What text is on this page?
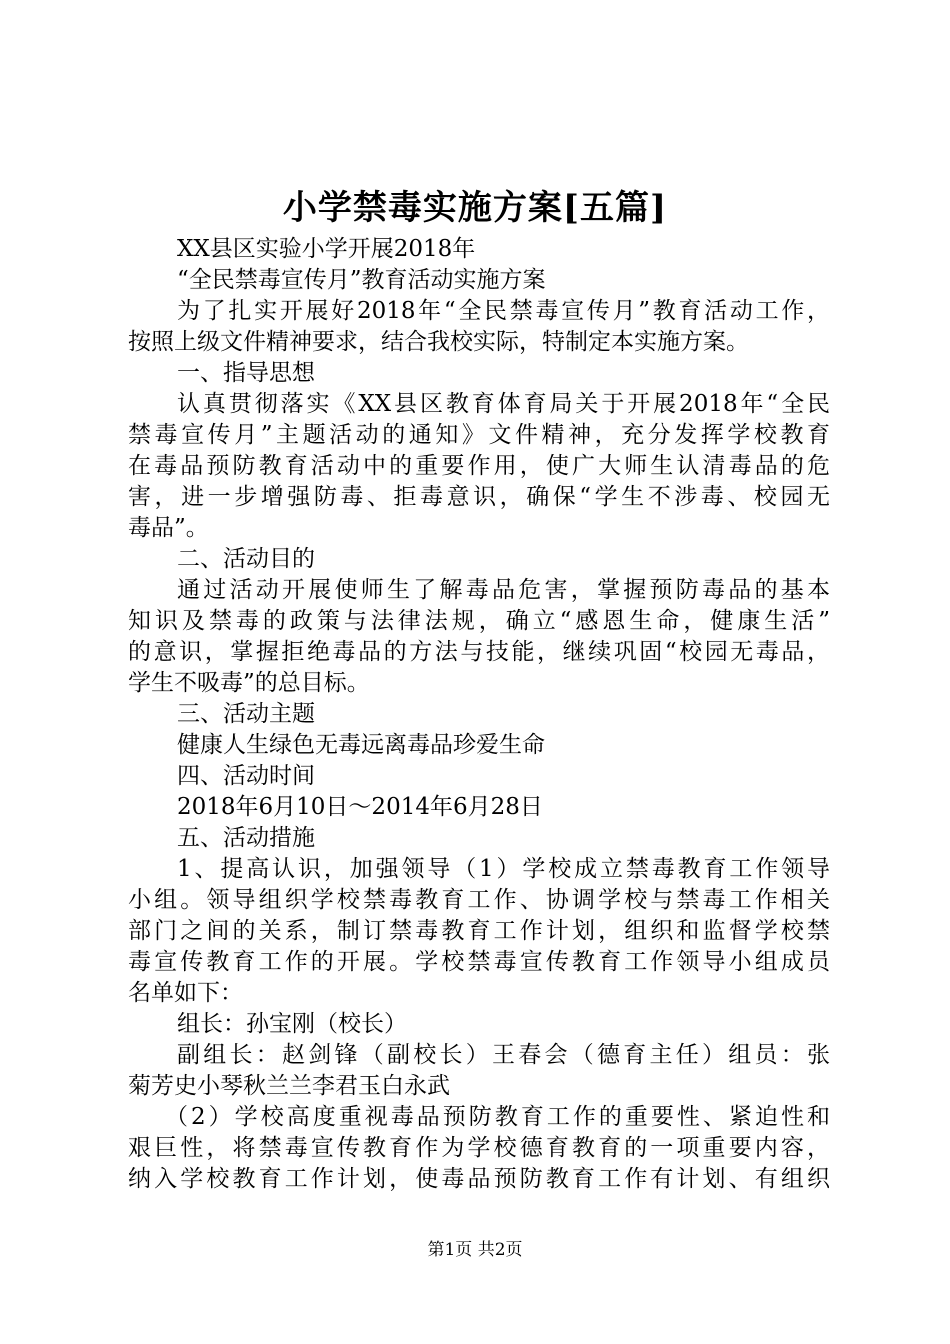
小学禁毒实施方案[五篇]
XX县区实验小学开展2018年
“全民禁毒宣传月”教育活动实施方案
为了扎实开展好2018年“全民禁毒宣传月”教育活动工作，
按照上级文件精神要求，结合我校实际，特制定本实施方案。
一、指导思想
认真贯彻落实《XX县区教育体育局关于开展2018年“全民
禁毒宣传月”主题活动的通知》文件精神，充分发挥学校教育
在毒品预防教育活动中的重要作用，使广大师生认清毒品的危
害，进一步增强防毒、拒毒意识，确保“学生不涉毒、校园无
毒品”。
二、活动目的
通过活动开展使师生了解毒品危害，掌握预防毒品的基本
知识及禁毒的政策与法律法规，确立“感恩生命，健康生活”
的意识，掌握拒绝毒品的方法与技能，继续巩固“校园无毒品，
学生不吸毒”的总目标。
三、活动主题
健康人生绿色无毒远离毒品珍爱生命
四、活动时间
2018年6月10日～2014年6月28日
五、活动措施
1、提高认识，加强领导（1）学校成立禁毒教育工作领导
小组。领导组织学校禁毒教育工作、协调学校与禁毒工作相关
部门之间的关系，制订禁毒教育工作计划，组织和监督学校禁
毒宣传教育工作的开展。学校禁毒宣传教育工作领导小组成员
名单如下：
组长：孙宝刚（校长）
副组长：赵剑锋（副校长）王春会（德育主任）组员：张
菊芳史小琴秋兰兰李君玉白永武
（2）学校高度重视毒品预防教育工作的重要性、紧迫性和
艰巨性，将禁毒宣传教育作为学校德育教育的一项重要内容，
纳入学校教育工作计划，使毒品预防教育工作有计划、有组织
第1页 共2页
